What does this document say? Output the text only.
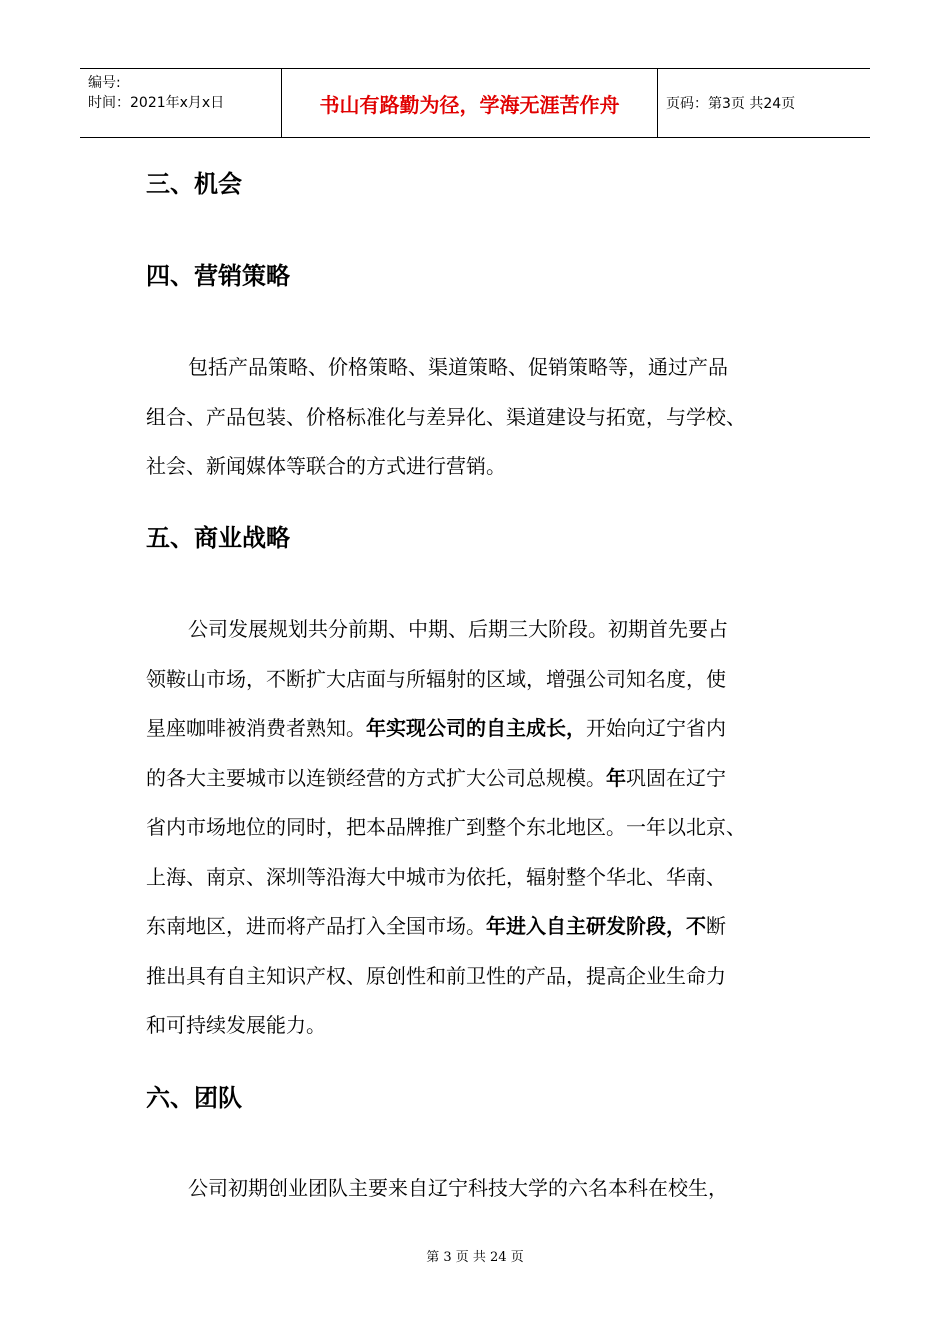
编号:
时间：2021年x月x日	书山有路勤为径，学海无涯苦作舟	页码：第3页 共24页
三、机会
四、营销策略
包括产品策略、价格策略、渠道策略、促销策略等，通过产品
组合、产品包装、价格标准化与差异化、渠道建设与拓宽，与学校、
社会、新闻媒体等联合的方式进行营销。
五、商业战略
公司发展规划共分前期、中期、后期三大阶段。初期首先要占
领鞍山市场，不断扩大店面与所辐射的区域，增强公司知名度，使
星座咖啡被消费者熟知。年实现公司的自主成长，开始向辽宁省内
的各大主要城市以连锁经营的方式扩大公司总规模。年巩固在辽宁
省内市场地位的同时，把本品牌推广到整个东北地区。一年以北京、
上海、南京、深圳等沿海大中城市为依托，辐射整个华北、华南、
东南地区，进而将产品打入全国市场。年进入自主研发阶段，不断
推出具有自主知识产权、原创性和前卫性的产品，提高企业生命力
和可持续发展能力。
六、团队
公司初期创业团队主要来自辽宁科技大学的六名本科在校生，
第 3 页 共 24 页
